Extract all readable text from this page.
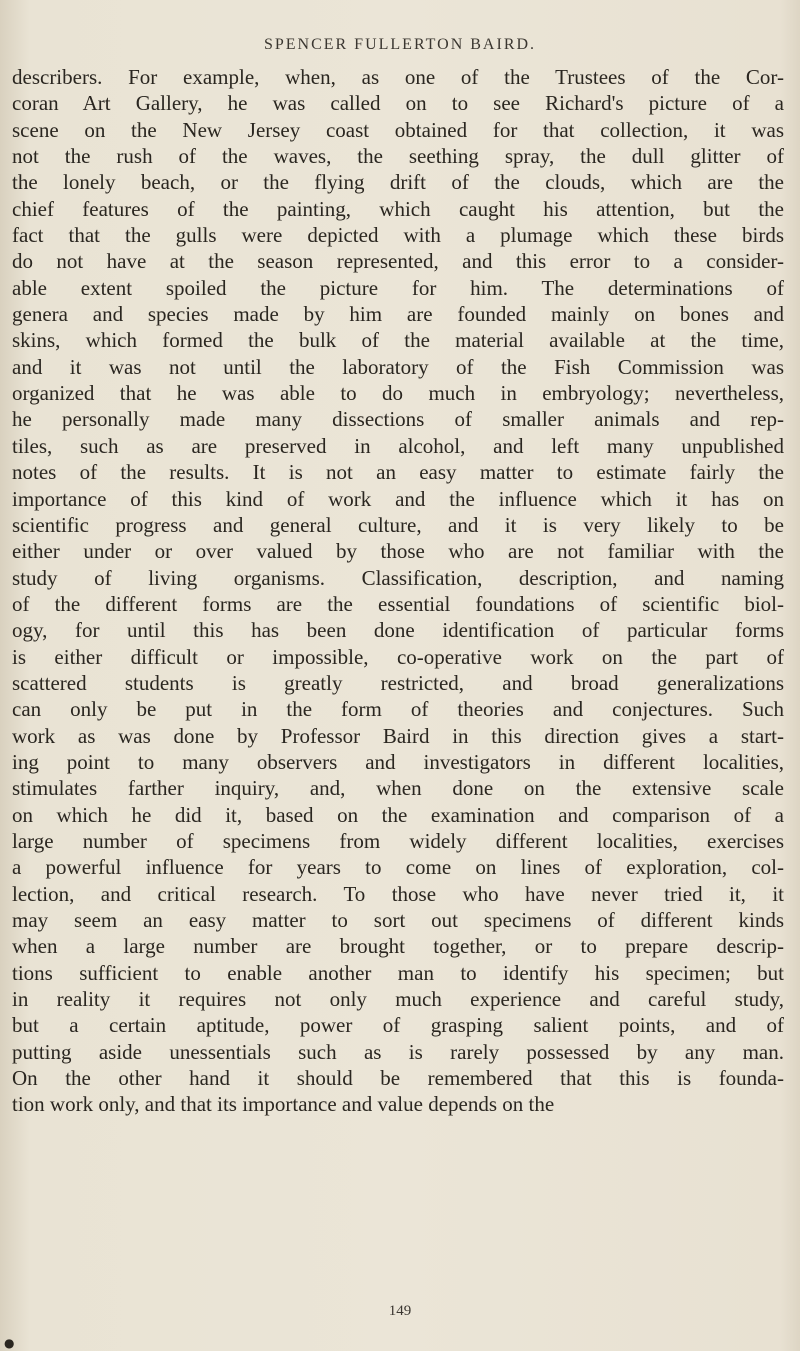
SPENCER FULLERTON BAIRD.
describers. For example, when, as one of the Trustees of the Cor-
coran Art Gallery, he was called on to see Richard's picture of a
scene on the New Jersey coast obtained for that collection, it was
not the rush of the waves, the seething spray, the dull glitter of
the lonely beach, or the flying drift of the clouds, which are the
chief features of the painting, which caught his attention, but the
fact that the gulls were depicted with a plumage which these birds
do not have at the season represented, and this error to a consider-
able extent spoiled the picture for him. The determinations of
genera and species made by him are founded mainly on bones and
skins, which formed the bulk of the material available at the time,
and it was not until the laboratory of the Fish Commission was
organized that he was able to do much in embryology; nevertheless,
he personally made many dissections of smaller animals and rep-
tiles, such as are preserved in alcohol, and left many unpublished
notes of the results. It is not an easy matter to estimate fairly the
importance of this kind of work and the influence which it has on
scientific progress and general culture, and it is very likely to be
either under or over valued by those who are not familiar with the
study of living organisms. Classification, description, and naming
of the different forms are the essential foundations of scientific biol-
ogy, for until this has been done identification of particular forms
is either difficult or impossible, co-operative work on the part of
scattered students is greatly restricted, and broad generalizations
can only be put in the form of theories and conjectures. Such
work as was done by Professor Baird in this direction gives a start-
ing point to many observers and investigators in different localities,
stimulates farther inquiry, and, when done on the extensive scale
on which he did it, based on the examination and comparison of a
large number of specimens from widely different localities, exercises
a powerful influence for years to come on lines of exploration, col-
lection, and critical research. To those who have never tried it, it
may seem an easy matter to sort out specimens of different kinds
when a large number are brought together, or to prepare descrip-
tions sufficient to enable another man to identify his specimen; but
in reality it requires not only much experience and careful study,
but a certain aptitude, power of grasping salient points, and of
putting aside unessentials such as is rarely possessed by any man.
On the other hand it should be remembered that this is founda-
tion work only, and that its importance and value depends on the
149
●
